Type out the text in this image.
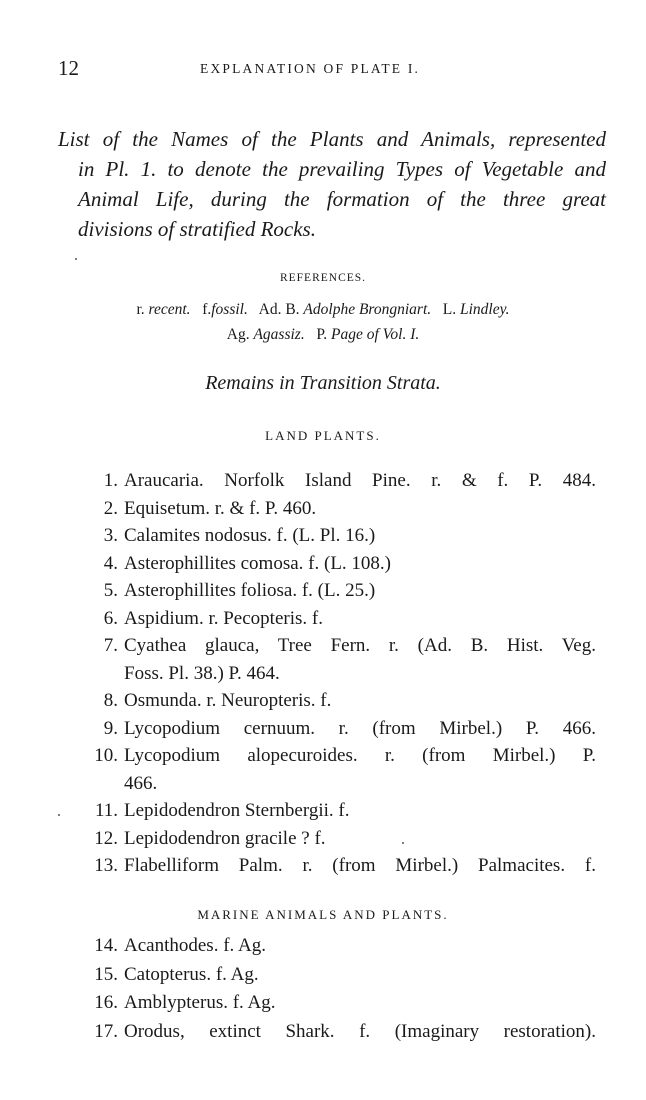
12	EXPLANATION OF PLATE I.

List of the Names of the Plants and Animals, represented

in Pl. 1. to denote the prevailing Types of Vegetable and

Animal Life, during the formation of the three great

divisions of stratified Rocks.

REFERENCES.
r. recent. f.fossil. Ad. B. Adolphe Brongniart. L. Lindley.
Ag. Agassiz. P. Page of Vol. I.
Remains in Transition Strata.
LAND PLANTS.
1. Araucaria. Norfolk Island Pine. r. & f. P. 484.
2. Equisetum. r. & f. P. 460.
3. Calamites nodosus. f. (L. Pl. 16.)
4. Asterophillites comosa. f. (L. 108.)
5. Asterophillites foliosa. f. (L. 25.)
6. Aspidium. r. Pecopteris. f.
7. Cyathea glauca, Tree Fern. r. (Ad. B. Hist. Veg.
Foss. Pl. 38.) P. 464.
8. Osmunda. r. Neuropteris. f.
9. Lycopodium cernuum. r. (from Mirbel.) P. 466.
10. Lycopodium alopecuroides. r. (from Mirbel.) P.
466.
11. Lepidodendron Sternbergii. f.
12. Lepidodendron gracile ? f.
13. Flabelliform Palm. r. (from Mirbel.) Palmacites. f.
MARINE ANIMALS AND PLANTS.
14. Acanthodes. f. Ag.
15. Catopterus. f. Ag.
16. Amblypterus. f. Ag.
17. Orodus, extinct Shark. f. (Imaginary restoration).
